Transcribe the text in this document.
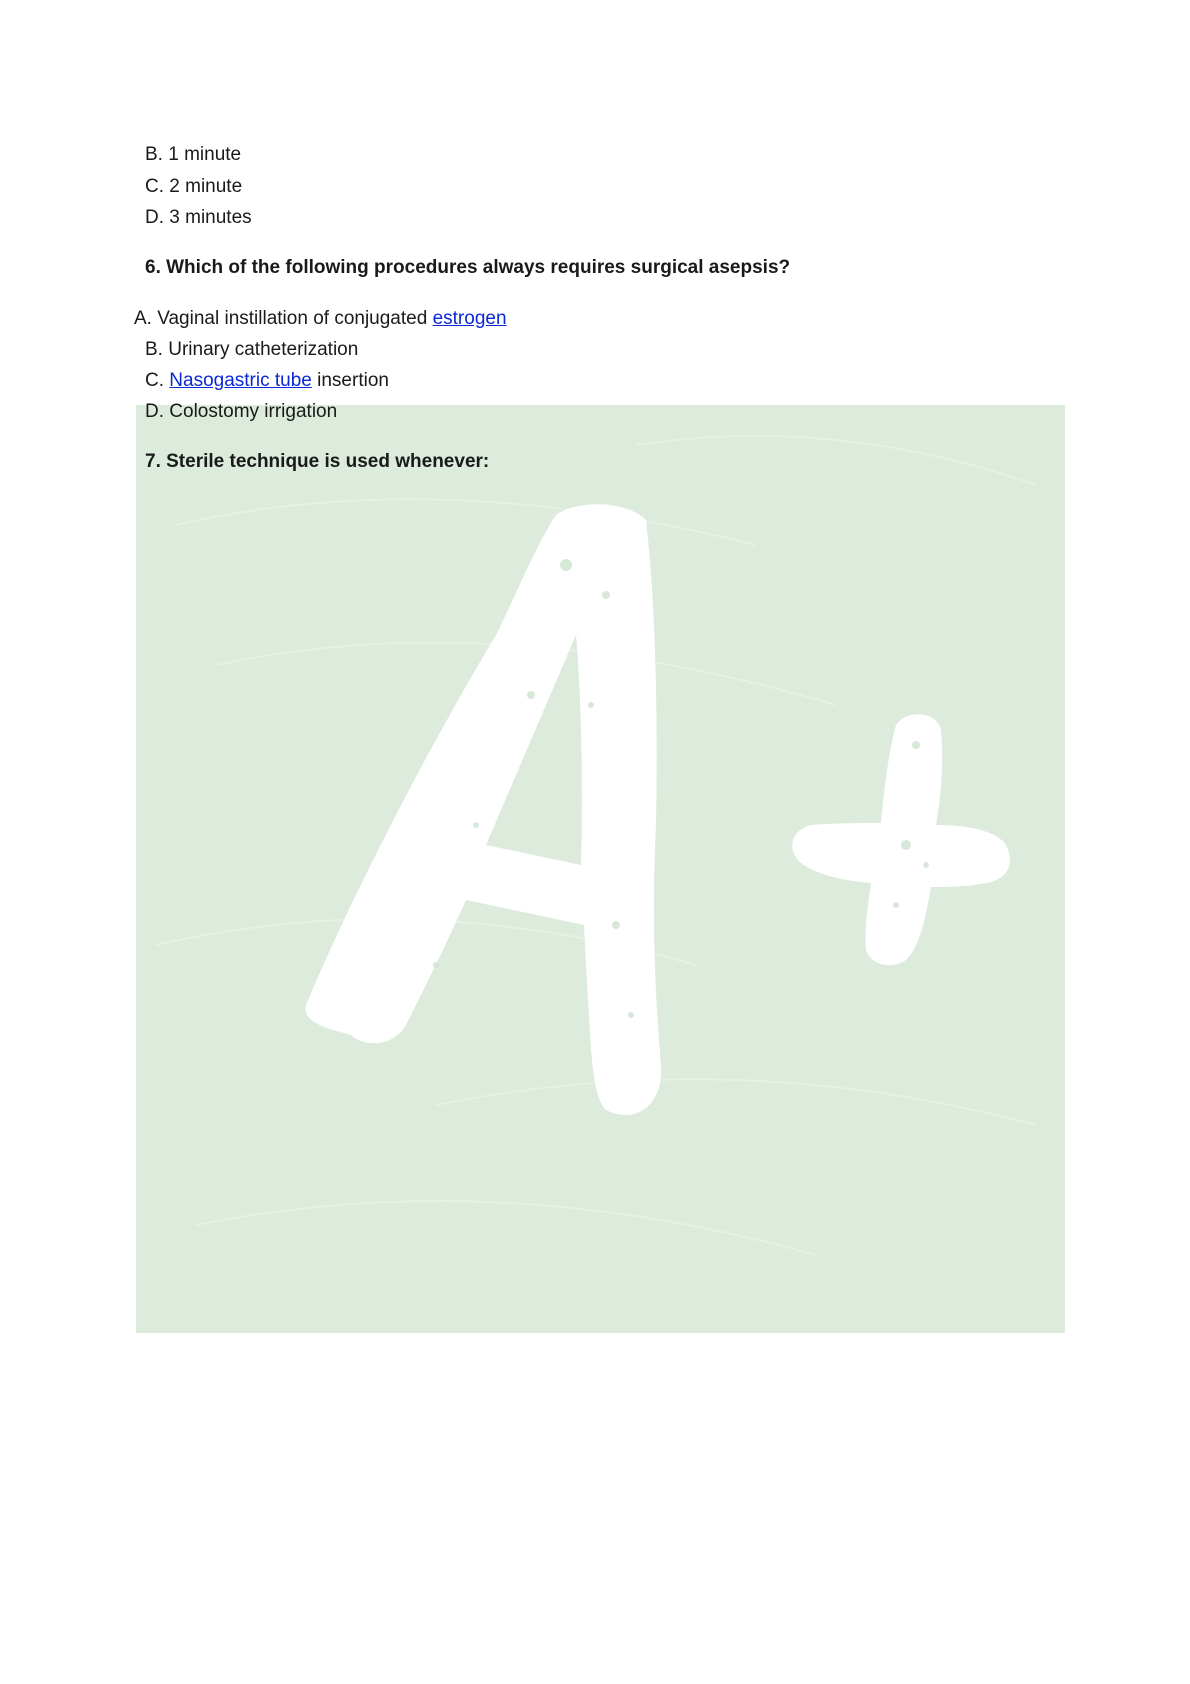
B. 1 minute
C. 2 minute
D. 3 minutes
6. Which of the following procedures always requires surgical asepsis?
A. Vaginal instillation of conjugated estrogen
B. Urinary catheterization
C. Nasogastric tube insertion
D. Colostomy irrigation
7. Sterile technique is used whenever:
